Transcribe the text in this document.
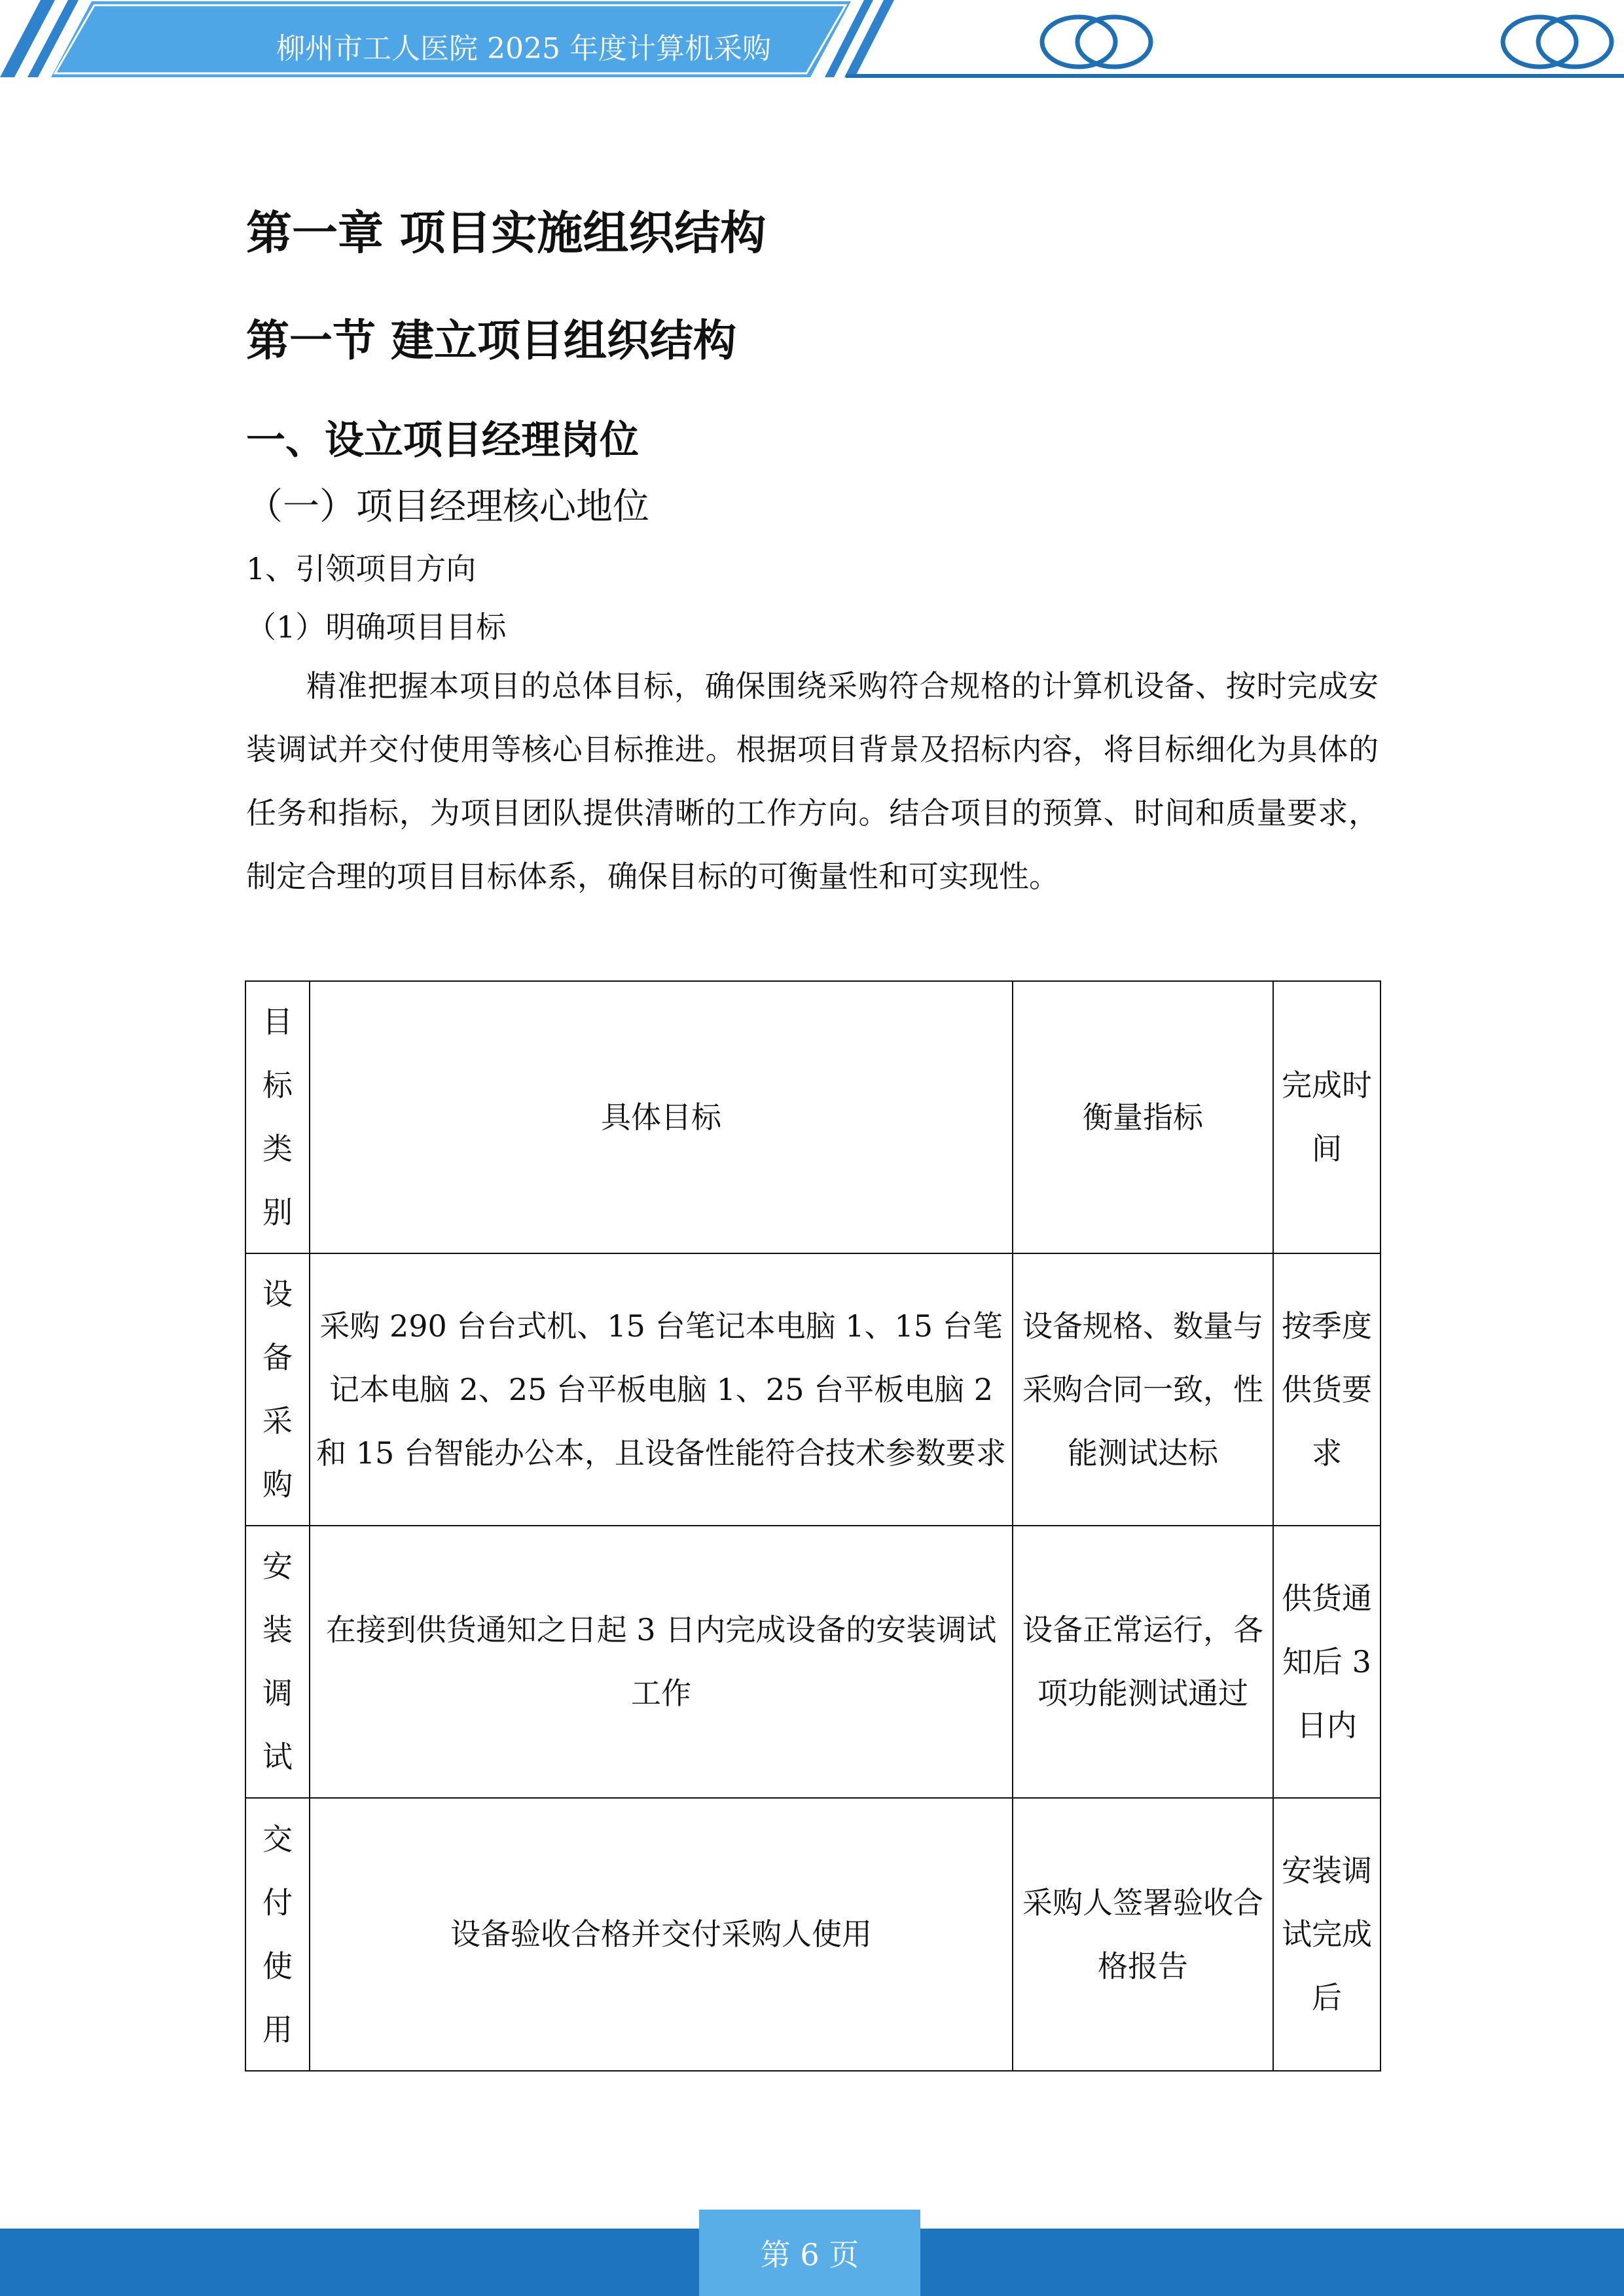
柳州市工人医院 2025 年度计算机采购
第一章 项目实施组织结构
第一节 建立项目组织结构
一、设立项目经理岗位
（一）项目经理核心地位
1、引领项目方向
（1）明确项目目标

精准把握本项目的总体目标，确保围绕采购符合规格的计算机设备、按时完成安装调试并交付使用等核心目标推进。根据项目背景及招标内容，将目标细化为具体的任务和指标，为项目团队提供清晰的工作方向。结合项目的预算、时间和质量要求，制定合理的项目目标体系，确保目标的可衡量性和可实现性。

目标类别	具体目标	衡量指标	完成时间

设备采购	采购 290 台台式机、15 台笔记本电脑 1、15 台笔记本电脑 2、25 台平板电脑 1、25 台平板电脑 2 和 15 台智能办公本，且设备性能符合技术参数要求	设备规格、数量与采购合同一致，性能测试达标	按季度供货要求

安装调试	在接到供货通知之日起 3 日内完成设备的安装调试工作	设备正常运行，各项功能测试通过	供货通知后 3 日内

交付使用	设备验收合格并交付采购人使用	采购人签署验收合格报告	安装调试完成后
第 6 页
